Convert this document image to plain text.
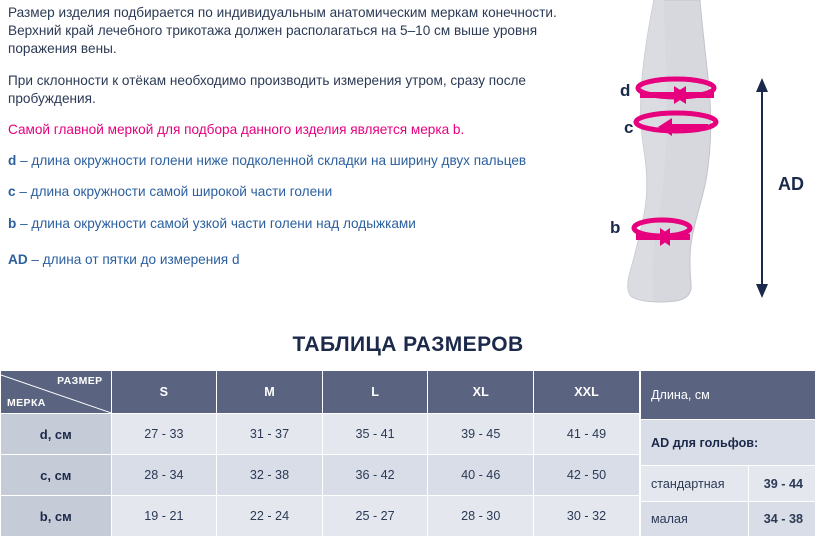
Размер изделия подбирается по индивидуальным анатомическим меркам конечности. Верхний край лечебного трикотажа должен располагаться на 5–10 см выше уровня поражения вены.
При склонности к отёкам необходимо производить измерения утром, сразу после пробуждения.
Самой главной меркой для подбора данного изделия является мерка b.
d – длина окружности голени ниже подколенной складки на ширину двух пальцев
c – длина окружности самой широкой части голени
b – длина окружности самой узкой части голени над лодыжками
AD – длина от пятки до измерения d
d
c
b
AD
ТАБЛИЦА РАЗМЕРОВ
РАЗМЕР
МЕРКА	S	M	L	XL	XXL
d, см	27 - 33	31 - 37	35 - 41	39 - 45	41 - 49
c, см	28 - 34	32 - 38	36 - 42	40 - 46	42 - 50
b, см	19 - 21	22 - 24	25 - 27	28 - 30	30 - 32
Длина, см	
AD для гольфов:	
стандартная	39 - 44
малая	34 - 38
